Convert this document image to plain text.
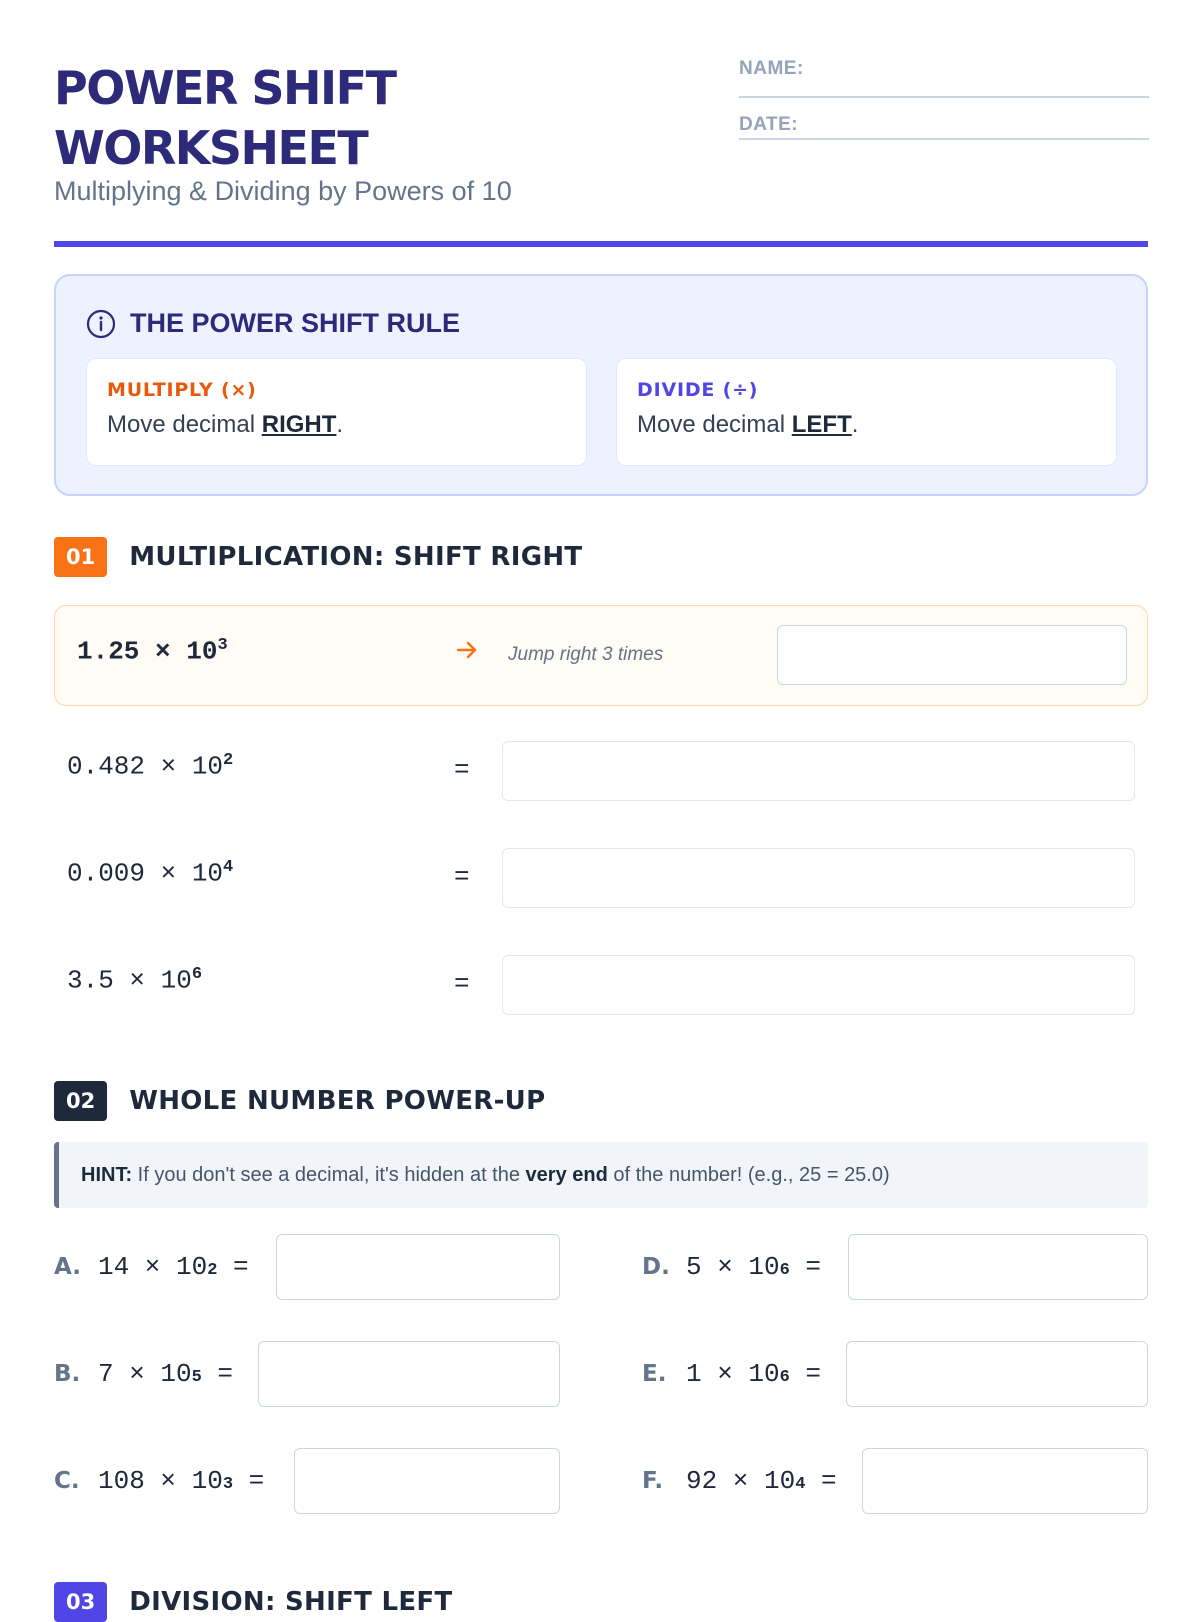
POWER SHIFT
WORKSHEET
Multiplying & Dividing by Powers of 10
NAME:
DATE:
THE POWER SHIFT RULE
MULTIPLY (×)
Move decimal RIGHT.
DIVIDE (÷)
Move decimal LEFT.
01	MULTIPLICATION: SHIFT RIGHT
$1.25 \times 10^3$	Jump right 3 times
$0.482 \times 10^2$	=
$0.009 \times 10^4$	=
$3.5 \times 10^6$	=
02	WHOLE NUMBER POWER-UP
HINT: If you don't see a decimal, it's hidden at the very end of the number! (e.g., 25 = 25.0)
A. 14 × 102 =
B. 7 × 105 =
C. 108 × 103 =
D. 5 × 106 =
E. 1 × 106 =
F. 92 × 104 =
03	DIVISION: SHIFT LEFT
